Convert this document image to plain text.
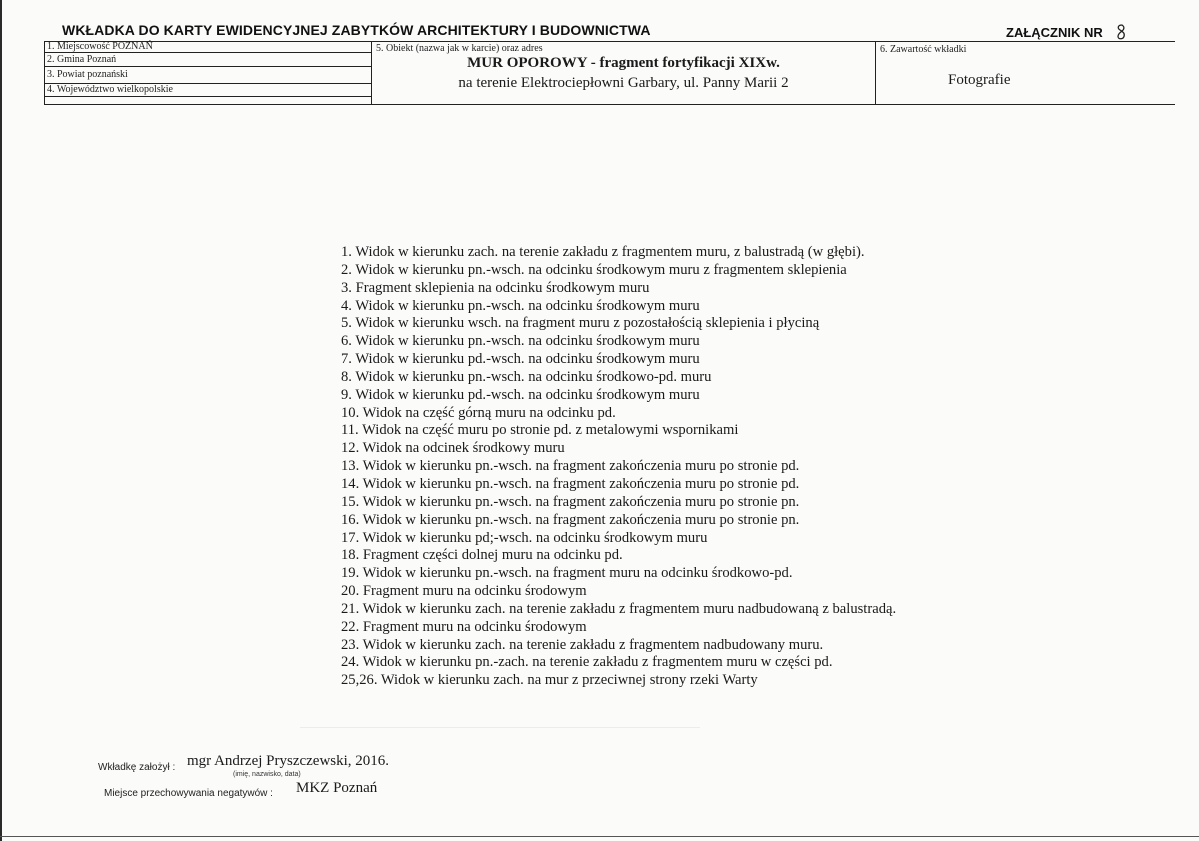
WKŁADKA DO KARTY EWIDENCYJNEJ ZABYTKÓW ARCHITEKTURY I BUDOWNICTWA	ZAŁĄCZNIK NR
1. Miejscowość POZNAŃ
2. Gmina Poznań
3. Powiat poznański
4. Województwo wielkopolskie
5. Obiekt (nazwa jak w karcie) oraz adres
MUR OPOROWY - fragment fortyfikacji XIXw.
na terenie Elektrociepłowni Garbary, ul. Panny Marii 2
6. Zawartość wkładki
Fotografie
1. Widok w kierunku zach. na terenie zakładu z fragmentem muru, z balustradą (w głębi).
2. Widok w kierunku pn.-wsch. na odcinku środkowym muru z fragmentem sklepienia
3. Fragment sklepienia na odcinku środkowym muru
4. Widok w kierunku pn.-wsch. na odcinku środkowym muru
5. Widok w kierunku wsch. na fragment muru z pozostałością sklepienia i płyciną
6. Widok w kierunku pn.-wsch. na odcinku środkowym muru
7. Widok w kierunku pd.-wsch. na odcinku środkowym muru
8. Widok w kierunku pn.-wsch. na odcinku środkowo-pd. muru
9. Widok w kierunku pd.-wsch. na odcinku środkowym muru
10. Widok na część górną muru na odcinku pd.
11. Widok na część muru po stronie pd. z metalowymi wspornikami
12. Widok na odcinek środkowy muru
13. Widok w kierunku pn.-wsch. na fragment zakończenia muru po stronie pd.
14. Widok w kierunku pn.-wsch. na fragment zakończenia muru po stronie pd.
15. Widok w kierunku pn.-wsch. na fragment zakończenia muru po stronie pn.
16. Widok w kierunku pn.-wsch. na fragment zakończenia muru po stronie pn.
17. Widok w kierunku pd;-wsch. na odcinku środkowym muru
18. Fragment części dolnej muru na odcinku pd.
19. Widok w kierunku pn.-wsch. na fragment muru na odcinku środkowo-pd.
20. Fragment muru na odcinku środowym
21. Widok w kierunku zach. na terenie zakładu z fragmentem muru nadbudowaną z balustradą.
22. Fragment muru na odcinku środowym
23. Widok w kierunku zach. na terenie zakładu z fragmentem nadbudowany muru.
24. Widok w kierunku pn.-zach. na terenie zakładu z fragmentem muru w części pd.
25,26. Widok w kierunku zach. na mur z przeciwnej strony rzeki Warty
Wkładkę założył : mgr Andrzej Pryszczewski, 2016.
(imię, nazwisko, data)
Miejsce przechowywania negatywów : MKZ Poznań
